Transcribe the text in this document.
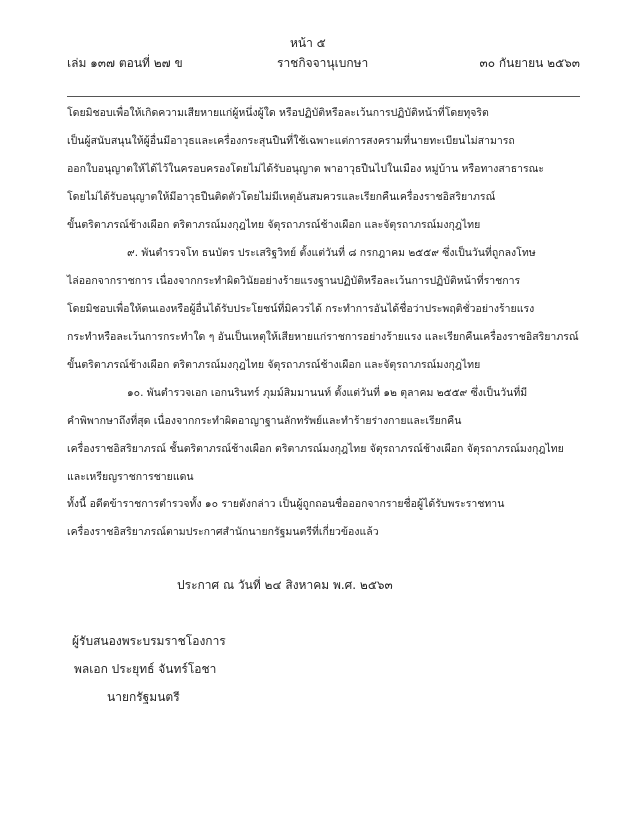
หน้า ๕
เล่ม ๑๓๗ ตอนที่ ๒๗ ข	ราชกิจจานุเบกษา	๓๐ กันยายน ๒๕๖๓
โดยมิชอบเพื่อให้เกิดความเสียหายแก่ผู้หนึ่งผู้ใด หรือปฏิบัติหรือละเว้นการปฏิบัติหน้าที่โดยทุจริต
เป็นผู้สนับสนุนให้ผู้อื่นมีอาวุธและเครื่องกระสุนปืนที่ใช้เฉพาะแต่การสงครามที่นายทะเบียนไม่สามารถ
ออกใบอนุญาตให้ได้ไว้ในครอบครองโดยไม่ได้รับอนุญาต พาอาวุธปืนไปในเมือง หมู่บ้าน หรือทางสาธารณะ
โดยไม่ได้รับอนุญาตให้มีอาวุธปืนติดตัวโดยไม่มีเหตุอันสมควรและเรียกคืนเครื่องราชอิสริยาภรณ์
ขั้นตริตาภรณ์ช้างเผือก ตริตาภรณ์มงกุฎไทย จัตุรถาภรณ์ช้างเผือก และจัตุรถาภรณ์มงกุฎไทย
๙. พันตำรวจโท ธนบัตร ประเสริฐวิทย์ ตั้งแต่วันที่ ๘ กรกฎาคม ๒๕๕๙ ซึ่งเป็นวันที่ถูกลงโทษ
ไล่ออกจากราชการ เนื่องจากกระทำผิดวินัยอย่างร้ายแรงฐานปฏิบัติหรือละเว้นการปฏิบัติหน้าที่ราชการ
โดยมิชอบเพื่อให้ตนเองหรือผู้อื่นได้รับประโยชน์ที่มิควรได้ กระทำการอันได้ชื่อว่าประพฤติชั่วอย่างร้ายแรง
กระทำหรือละเว้นการกระทำใด ๆ อันเป็นเหตุให้เสียหายแก่ราชการอย่างร้ายแรง และเรียกคืนเครื่องราชอิสริยาภรณ์
ขั้นตริตาภรณ์ช้างเผือก ตริตาภรณ์มงกุฎไทย จัตุรถาภรณ์ช้างเผือก และจัตุรถาภรณ์มงกุฎไทย
๑๐. พันตำรวจเอก เอกนรินทร์ ภุมม์สิมมานนท์ ตั้งแต่วันที่ ๑๒ ตุลาคม ๒๕๕๙ ซึ่งเป็นวันที่มี
คำพิพากษาถึงที่สุด เนื่องจากกระทำผิดอาญาฐานลักทรัพย์และทำร้ายร่างกายและเรียกคืน
เครื่องราชอิสริยาภรณ์ ชั้นตริตาภรณ์ช้างเผือก ตริตาภรณ์มงกุฎไทย จัตุรถาภรณ์ช้างเผือก จัตุรถาภรณ์มงกุฎไทย
และเหรียญราชการชายแดน
ทั้งนี้ อดีตข้าราชการตำรวจทั้ง ๑๐ รายดังกล่าว เป็นผู้ถูกถอนชื่อออกจากรายชื่อผู้ได้รับพระราชทาน
เครื่องราชอิสริยาภรณ์ตามประกาศสำนักนายกรัฐมนตรีที่เกี่ยวข้องแล้ว
ประกาศ ณ วันที่ ๒๔ สิงหาคม พ.ศ. ๒๕๖๓
ผู้รับสนองพระบรมราชโองการ
พลเอก ประยุทธ์ จันทร์โอชา
นายกรัฐมนตรี
